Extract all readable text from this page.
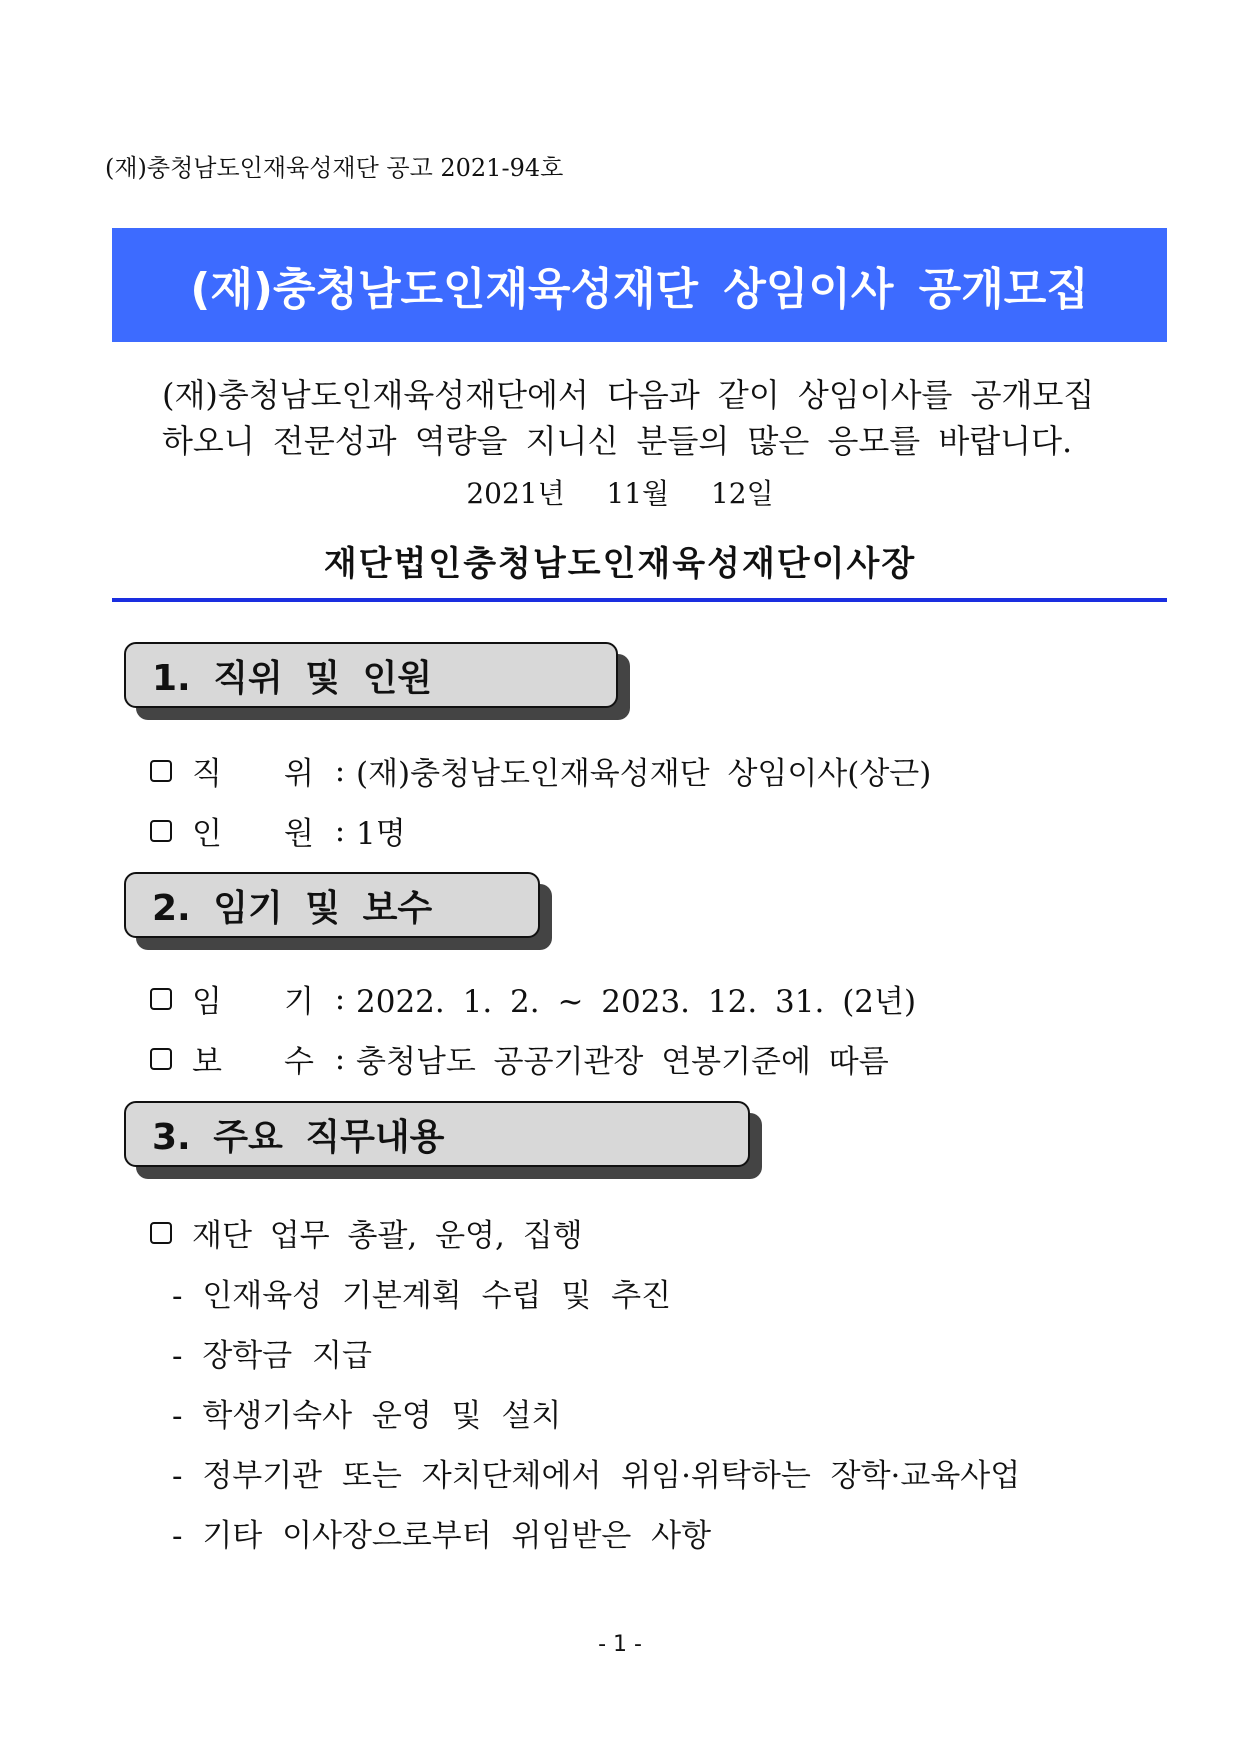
(재)충청남도인재육성재단 공고 2021-94호
(재)충청남도인재육성재단 상임이사 공개모집
(재)충청남도인재육성재단에서 다음과 같이 상임이사를 공개모집
하오니 전문성과 역량을 지니신 분들의 많은 응모를 바랍니다.
2021년  11월  12일
재단법인충청남도인재육성재단이사장
1. 직위 및 인원
직	위 : (재)충청남도인재육성재단 상임이사(상근)
인	원 : 1명
2. 임기 및 보수
임	기 : 2022. 1. 2. ~ 2023. 12. 31. (2년)
보	수 : 충청남도 공공기관장 연봉기준에 따름
3. 주요 직무내용
재단 업무 총괄, 운영, 집행
- 인재육성 기본계획 수립 및 추진
- 장학금 지급
- 학생기숙사 운영 및 설치
- 정부기관 또는 자치단체에서 위임·위탁하는 장학·교육사업
- 기타 이사장으로부터 위임받은 사항
- 1 -
